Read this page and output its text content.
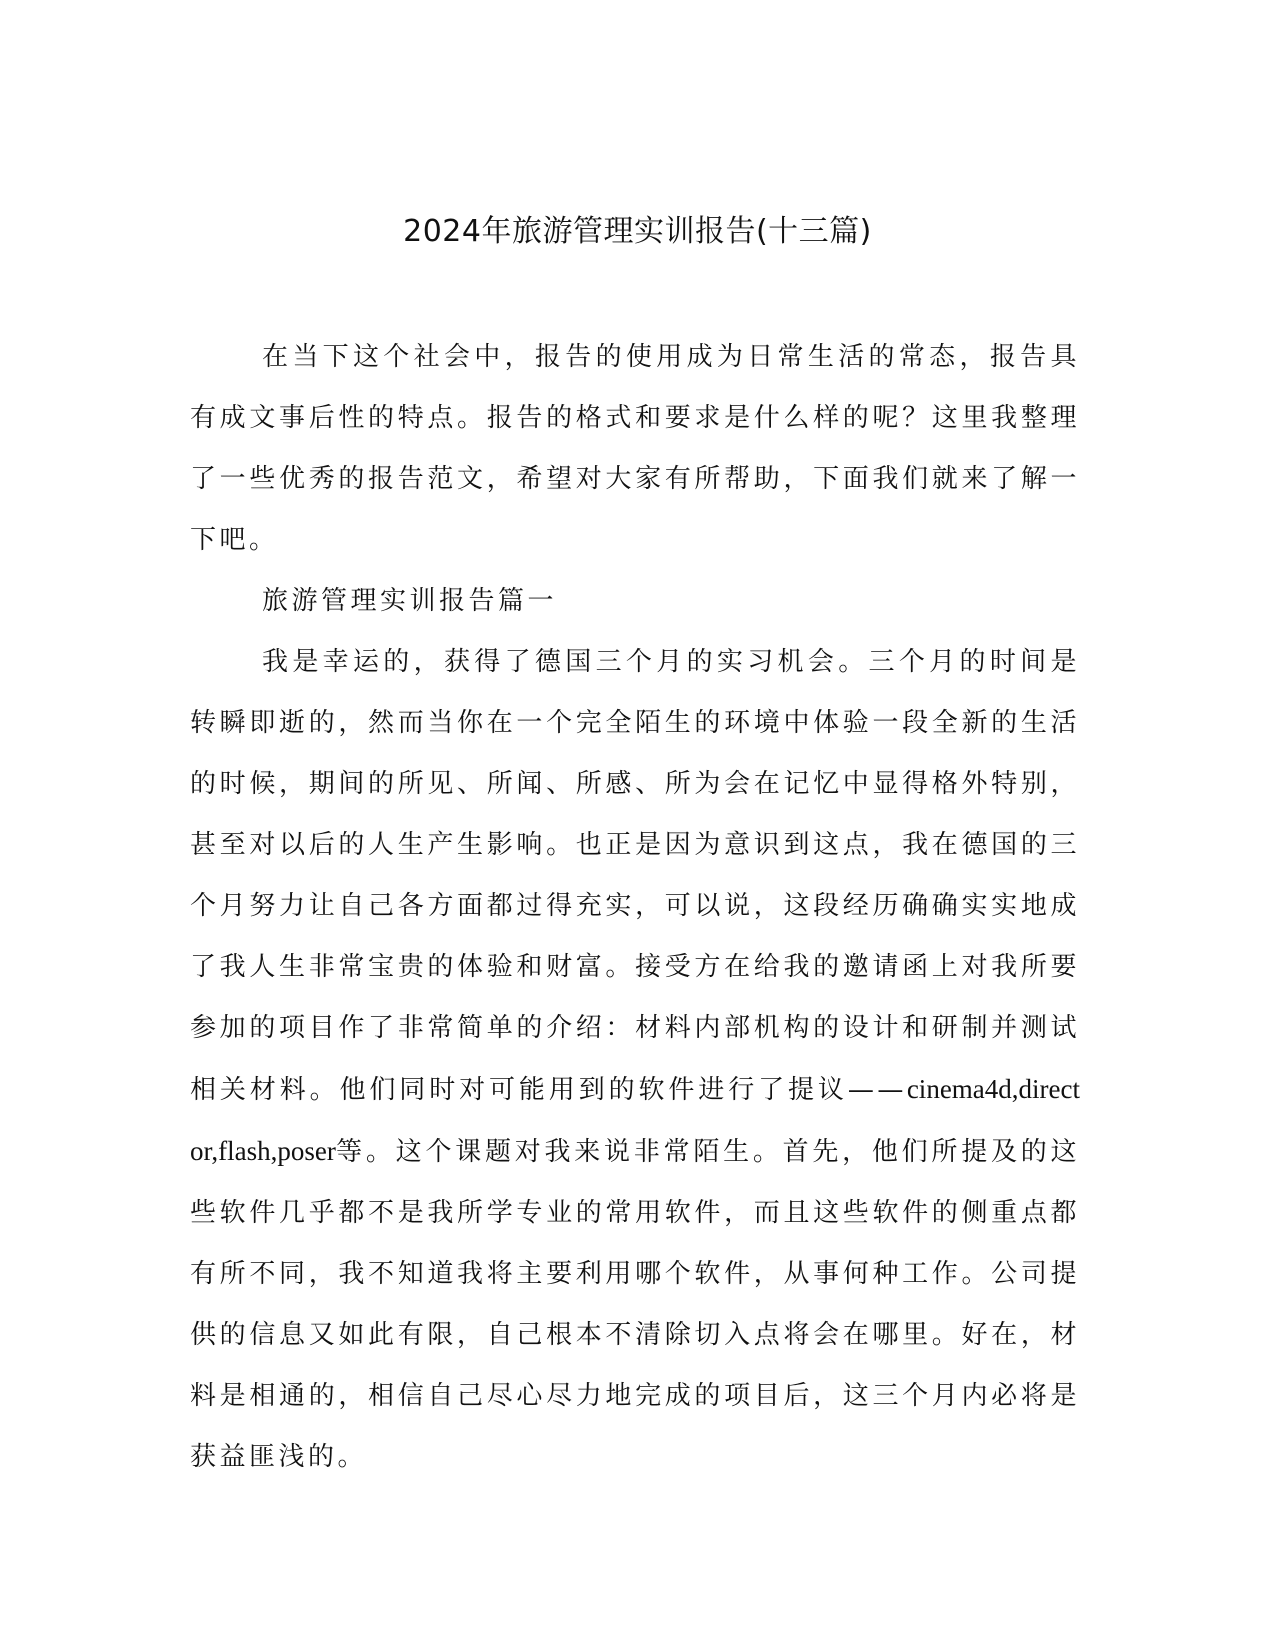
2024年旅游管理实训报告(十三篇)

在当下这个社会中，报告的使用成为日常生活的常态，报告具有成文事后性的特点。报告的格式和要求是什么样的呢？这里我整理了一些优秀的报告范文，希望对大家有所帮助，下面我们就来了解一下吧。

旅游管理实训报告篇一

我是幸运的，获得了德国三个月的实习机会。三个月的时间是转瞬即逝的，然而当你在一个完全陌生的环境中体验一段全新的生活的时候，期间的所见、所闻、所感、所为会在记忆中显得格外特别，甚至对以后的人生产生影响。也正是因为意识到这点，我在德国的三个月努力让自己各方面都过得充实，可以说，这段经历确确实实地成了我人生非常宝贵的体验和财富。接受方在给我的邀请函上对我所要参加的项目作了非常简单的介绍：材料内部机构的设计和研制并测试相关材料。他们同时对可能用到的软件进行了提议——cinema4d,director,flash,poser等。这个课题对我来说非常陌生。首先，他们所提及的这些软件几乎都不是我所学专业的常用软件，而且这些软件的侧重点都有所不同，我不知道我将主要利用哪个软件，从事何种工作。公司提供的信息又如此有限，自己根本不清除切入点将会在哪里。好在，材料是相通的，相信自己尽心尽力地完成的项目后，这三个月内必将是获益匪浅的。
